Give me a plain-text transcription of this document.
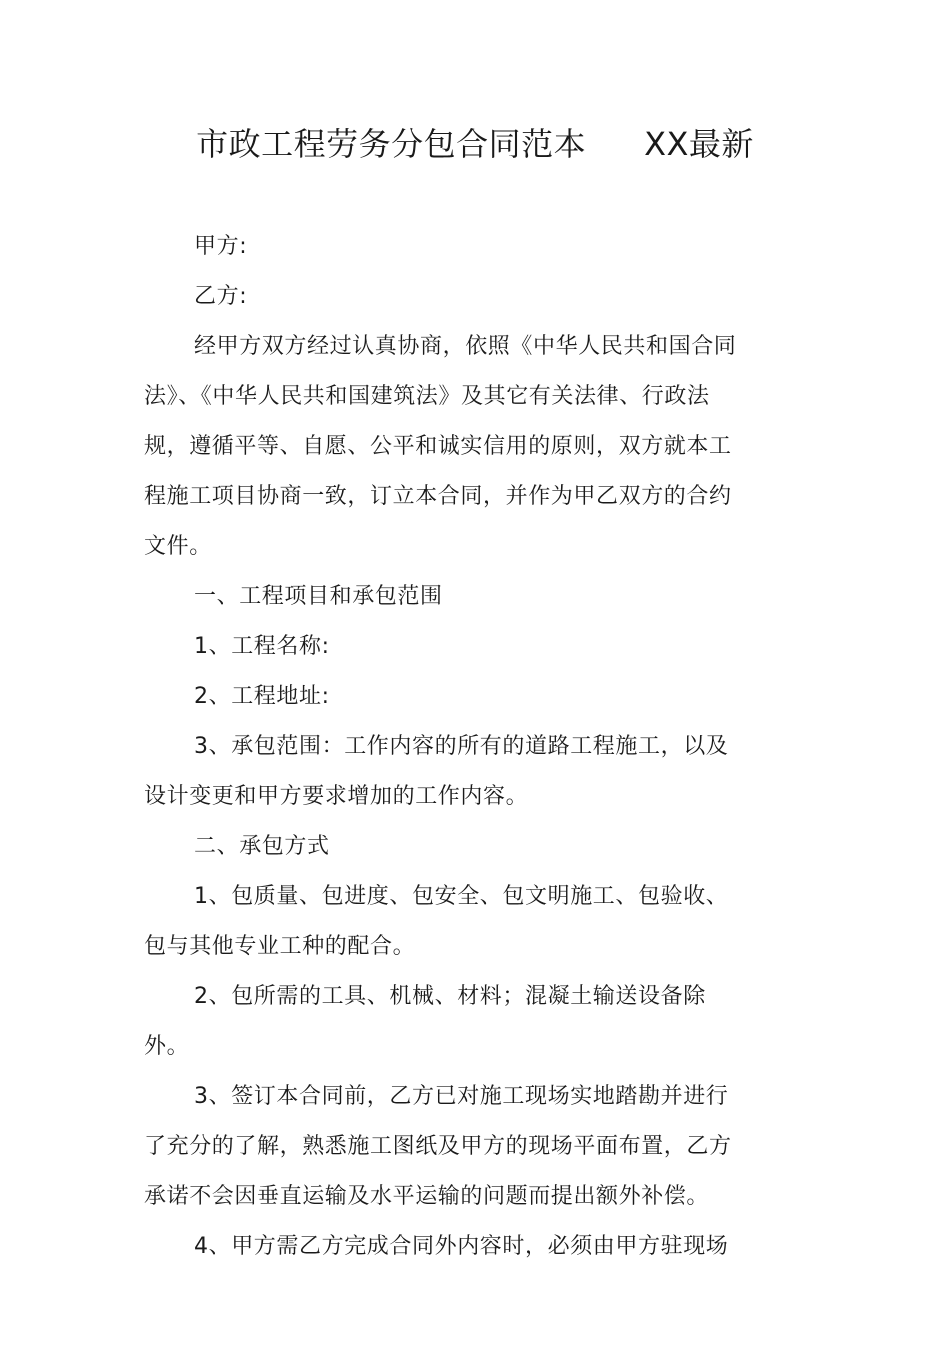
市政工程劳务分包合同范本 XX最新

甲方:

乙方:

经甲方双方经过认真协商，依照《中华人民共和国合同法》、《中华人民共和国建筑法》及其它有关法律、行政法规，遵循平等、自愿、公平和诚实信用的原则，双方就本工程施工项目协商一致，订立本合同，并作为甲乙双方的合约文件。

一、工程项目和承包范围

1、工程名称:

2、工程地址:

3、承包范围：工作内容的所有的道路工程施工，以及设计变更和甲方要求增加的工作内容。

二、承包方式

1、包质量、包进度、包安全、包文明施工、包验收、包与其他专业工种的配合。

2、包所需的工具、机械、材料；混凝土输送设备除外。

3、签订本合同前，乙方已对施工现场实地踏勘并进行了充分的了解，熟悉施工图纸及甲方的现场平面布置，乙方承诺不会因垂直运输及水平运输的问题而提出额外补偿。

4、甲方需乙方完成合同外内容时，必须由甲方驻现场
